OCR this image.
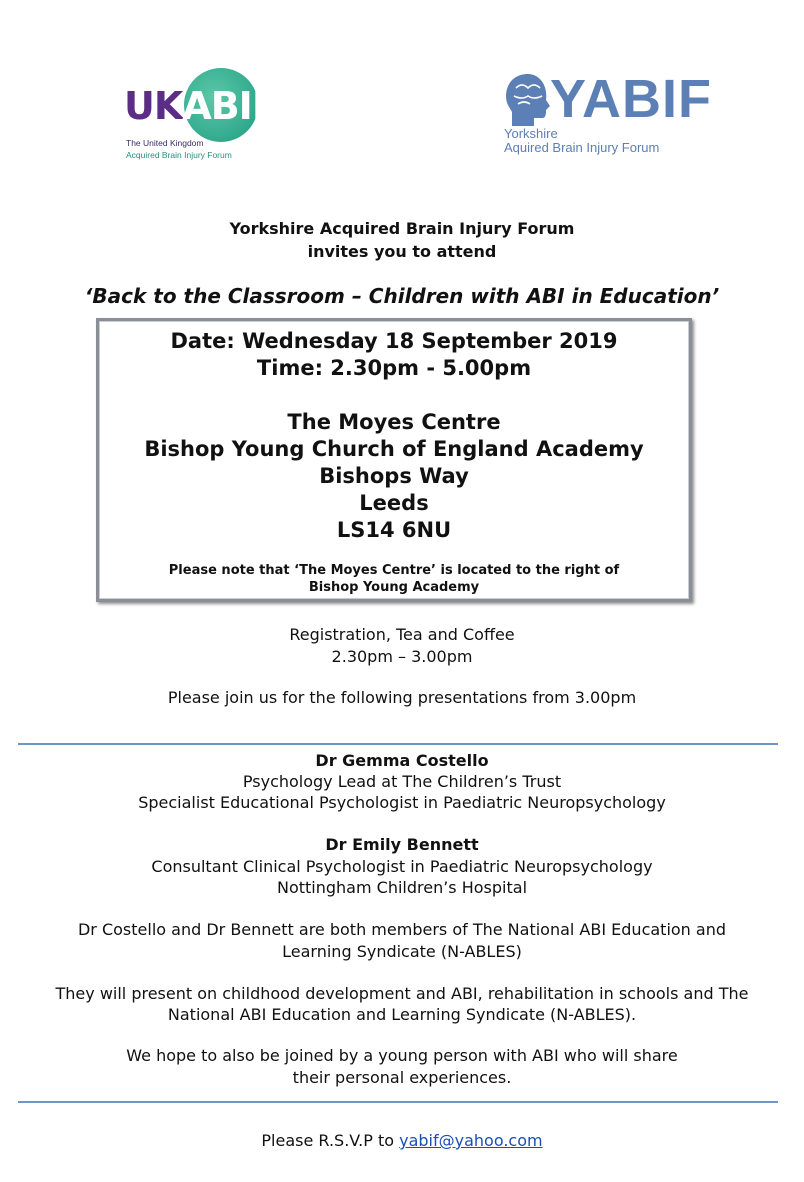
UKABIF
The United Kingdom
Acquired Brain Injury Forum
YABIF
Yorkshire
Aquired Brain Injury Forum
Yorkshire Acquired Brain Injury Forum
invites you to attend
‘Back to the Classroom – Children with ABI in Education’
Date: Wednesday 18 September 2019
Time: 2.30pm - 5.00pm
The Moyes Centre
Bishop Young Church of England Academy
Bishops Way
Leeds
LS14 6NU
Please note that ‘The Moyes Centre’ is located to the right of
Bishop Young Academy
Registration, Tea and Coffee
2.30pm – 3.00pm
Please join us for the following presentations from 3.00pm
Dr Gemma Costello
Psychology Lead at The Children’s Trust
Specialist Educational Psychologist in Paediatric Neuropsychology
Dr Emily Bennett
Consultant Clinical Psychologist in Paediatric Neuropsychology
Nottingham Children’s Hospital
Dr Costello and Dr Bennett are both members of The National ABI Education and
Learning Syndicate (N-ABLES)
They will present on childhood development and ABI, rehabilitation in schools and The
National ABI Education and Learning Syndicate (N-ABLES).
We hope to also be joined by a young person with ABI who will share
their personal experiences.
Please R.S.V.P to yabif@yahoo.com
